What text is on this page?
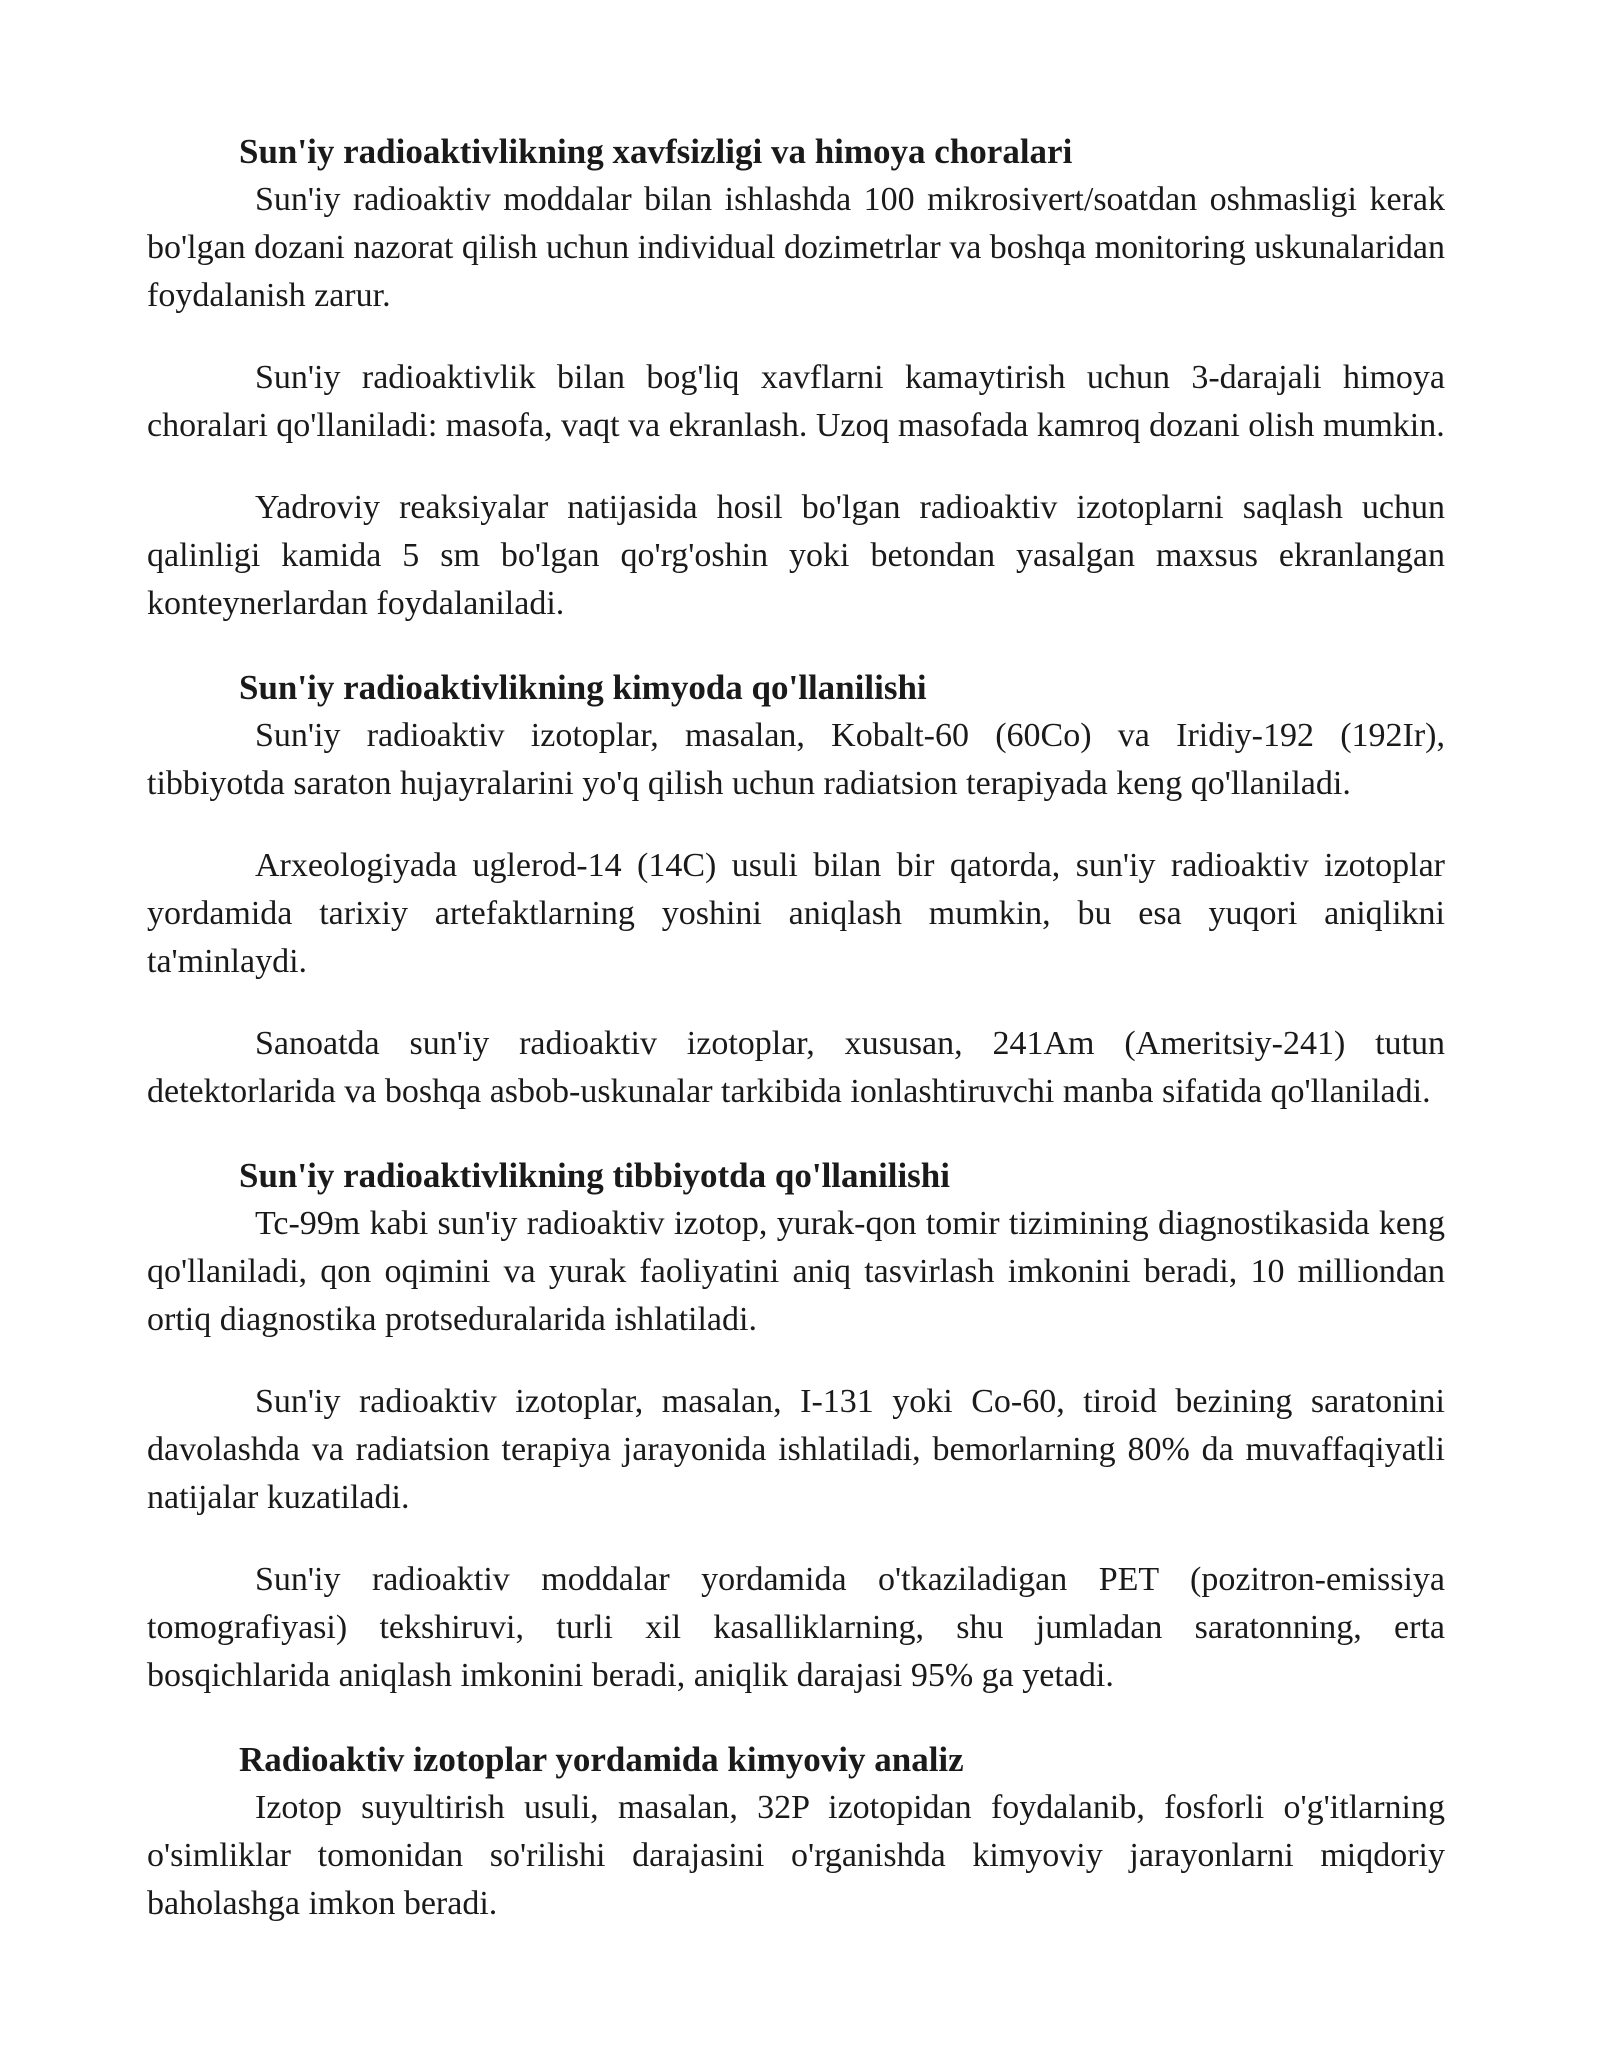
Sun'iy radioaktivlikning xavfsizligi va himoya choralari

Sun'iy radioaktiv moddalar bilan ishlashda 100 mikrosivert/soatdan oshmasligi kerak bo'lgan dozani nazorat qilish uchun individual dozimetrlar va boshqa monitoring uskunalaridan foydalanish zarur.

Sun'iy radioaktivlik bilan bog'liq xavflarni kamaytirish uchun 3-darajali himoya choralari qo'llaniladi: masofa, vaqt va ekranlash. Uzoq masofada kamroq dozani olish mumkin.

Yadroviy reaksiyalar natijasida hosil bo'lgan radioaktiv izotoplarni saqlash uchun qalinligi kamida 5 sm bo'lgan qo'rg'oshin yoki betondan yasalgan maxsus ekranlangan konteynerlardan foydalaniladi.

Sun'iy radioaktivlikning kimyoda qo'llanilishi

Sun'iy radioaktiv izotoplar, masalan, Kobalt-60 (60Co) va Iridiy-192 (192Ir), tibbiyotda saraton hujayralarini yo'q qilish uchun radiatsion terapiyada keng qo'llaniladi.

Arxeologiyada uglerod-14 (14C) usuli bilan bir qatorda, sun'iy radioaktiv izotoplar yordamida tarixiy artefaktlarning yoshini aniqlash mumkin, bu esa yuqori aniqlikni ta'minlaydi.

Sanoatda sun'iy radioaktiv izotoplar, xususan, 241Am (Ameritsiy-241) tutun detektorlarida va boshqa asbob-uskunalar tarkibida ionlashtiruvchi manba sifatida qo'llaniladi.

Sun'iy radioaktivlikning tibbiyotda qo'llanilishi

Tc-99m kabi sun'iy radioaktiv izotop, yurak-qon tomir tizimining diagnostikasida keng qo'llaniladi, qon oqimini va yurak faoliyatini aniq tasvirlash imkonini beradi, 10 milliondan ortiq diagnostika protseduralarida ishlatiladi.

Sun'iy radioaktiv izotoplar, masalan, I-131 yoki Co-60, tiroid bezining saratonini davolashda va radiatsion terapiya jarayonida ishlatiladi, bemorlarning 80% da muvaffaqiyatli natijalar kuzatiladi.

Sun'iy radioaktiv moddalar yordamida o'tkaziladigan PET (pozitron-emissiya tomografiyasi) tekshiruvi, turli xil kasalliklarning, shu jumladan saratonning, erta bosqichlarida aniqlash imkonini beradi, aniqlik darajasi 95% ga yetadi.

Radioaktiv izotoplar yordamida kimyoviy analiz

Izotop suyultirish usuli, masalan, 32P izotopidan foydalanib, fosforli o'g'itlarning o'simliklar tomonidan so'rilishi darajasini o'rganishda kimyoviy jarayonlarni miqdoriy baholashga imkon beradi.
